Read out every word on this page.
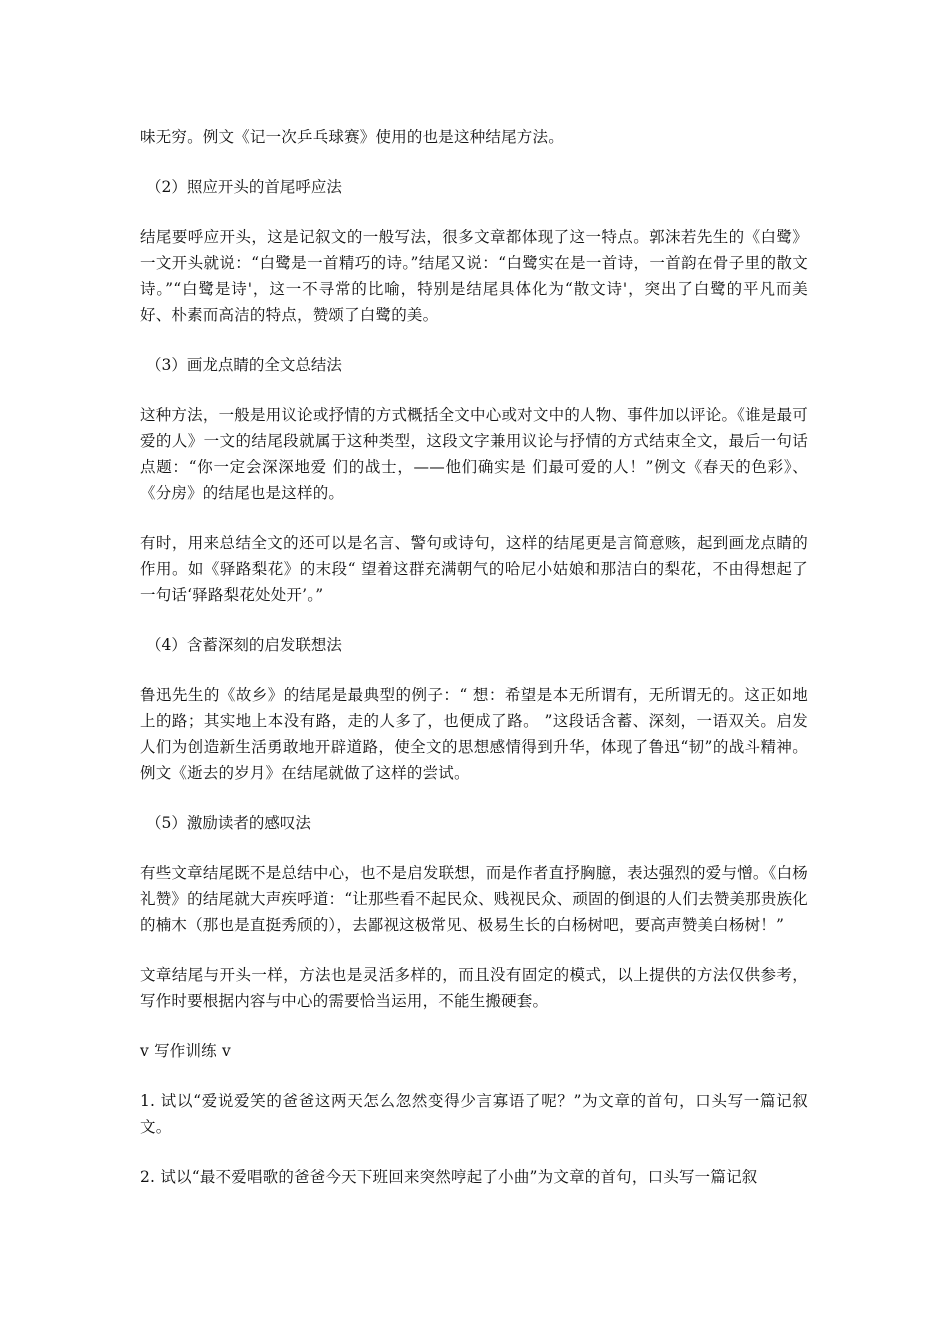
味无穷。例文《记一次乒乓球赛》使用的也是这种结尾方法。

（2）照应开头的首尾呼应法

结尾要呼应开头，这是记叙文的一般写法，很多文章都体现了这一特点。郭沫若先生的《白鹭》一文开头就说：“白鹭是一首精巧的诗。”结尾又说：“白鹭实在是一首诗，一首韵在骨子里的散文诗。”“白鹭是诗'，这一不寻常的比喻，特别是结尾具体化为“散文诗'，突出了白鹭的平凡而美好、朴素而高洁的特点，赞颂了白鹭的美。

（3）画龙点睛的全文总结法

这种方法，一般是用议论或抒情的方式概括全文中心或对文中的人物、事件加以评论。《谁是最可爱的人》一文的结尾段就属于这种类型，这段文字兼用议论与抒情的方式结束全文，最后一句话点题：“你一定会深深地爱 们的战士，——他们确实是 们最可爱的人！”例文《春天的色彩》、《分房》的结尾也是这样的。

有时，用来总结全文的还可以是名言、警句或诗句，这样的结尾更是言简意赅，起到画龙点睛的作用。如《驿路梨花》的末段“ 望着这群充满朝气的哈尼小姑娘和那洁白的梨花，不由得想起了一句话‘驿路梨花处处开’。”

（4）含蓄深刻的启发联想法

鲁迅先生的《故乡》的结尾是最典型的例子：“ 想：希望是本无所谓有，无所谓无的。这正如地上的路；其实地上本没有路，走的人多了，也便成了路。 ”这段话含蓄、深刻，一语双关。启发人们为创造新生活勇敢地开辟道路，使全文的思想感情得到升华，体现了鲁迅“韧”的战斗精神。例文《逝去的岁月》在结尾就做了这样的尝试。

（5）激励读者的感叹法

有些文章结尾既不是总结中心，也不是启发联想，而是作者直抒胸臆，表达强烈的爱与憎。《白杨礼赞》的结尾就大声疾呼道：“让那些看不起民众、贱视民众、顽固的倒退的人们去赞美那贵族化的楠木（那也是直挺秀颀的），去鄙视这极常见、极易生长的白杨树吧，要高声赞美白杨树！”

文章结尾与开头一样，方法也是灵活多样的，而且没有固定的模式，以上提供的方法仅供参考，写作时要根据内容与中心的需要恰当运用，不能生搬硬套。

v 写作训练 v

1. 试以“爱说爱笑的爸爸这两天怎么忽然变得少言寡语了呢？”为文章的首句，口头写一篇记叙文。

2. 试以“最不爱唱歌的爸爸今天下班回来突然哼起了小曲”为文章的首句，口头写一篇记叙
